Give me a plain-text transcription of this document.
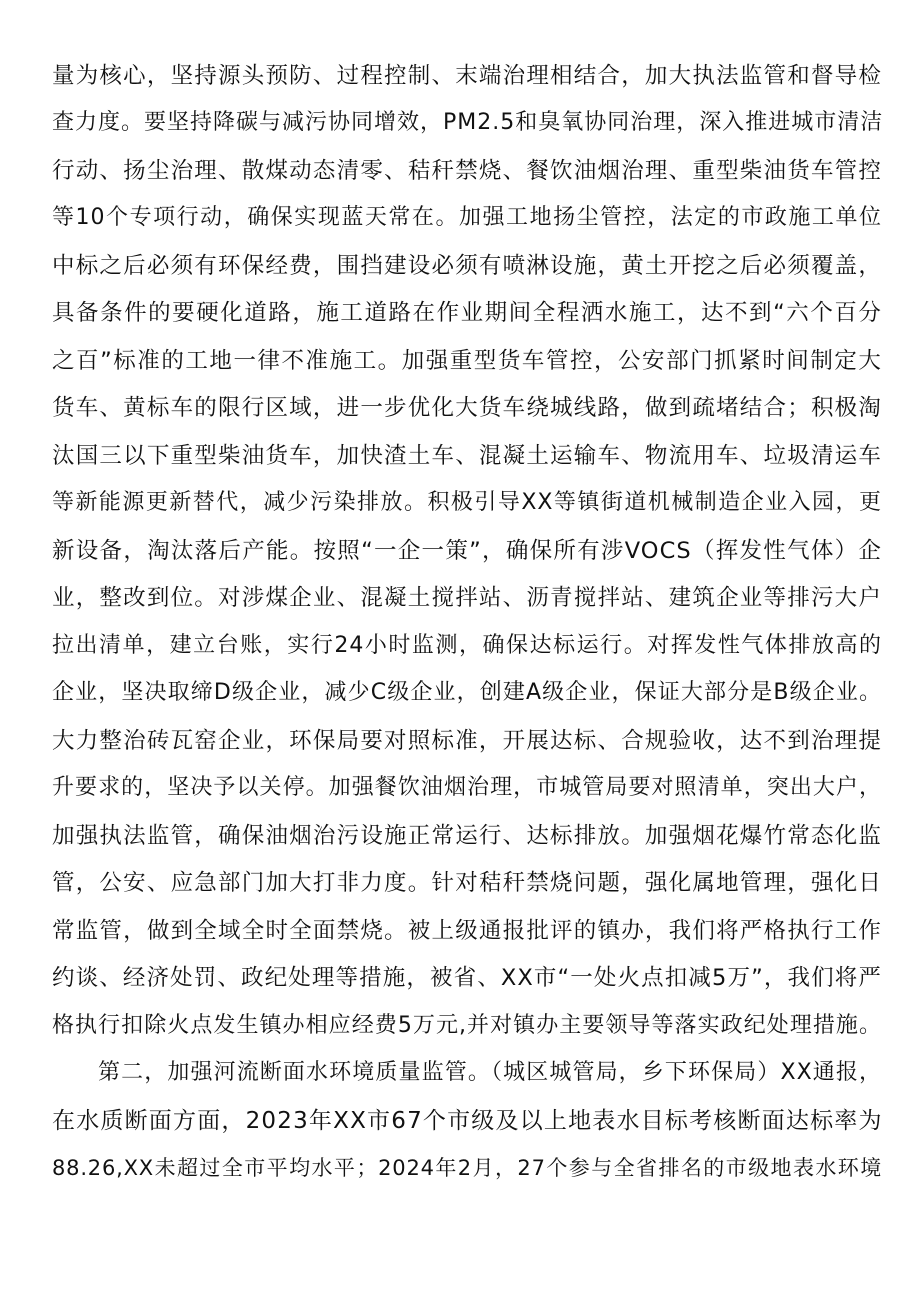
量为核心，坚持源头预防、过程控制、末端治理相结合，加大执法监管和督导检
查力度。要坚持降碳与减污协同增效，PM2.5和臭氧协同治理，深入推进城市清洁
行动、扬尘治理、散煤动态清零、秸秆禁烧、餐饮油烟治理、重型柴油货车管控
等10个专项行动，确保实现蓝天常在。加强工地扬尘管控，法定的市政施工单位
中标之后必须有环保经费，围挡建设必须有喷淋设施，黄土开挖之后必须覆盖，
具备条件的要硬化道路，施工道路在作业期间全程洒水施工，达不到“六个百分
之百”标准的工地一律不准施工。加强重型货车管控，公安部门抓紧时间制定大
货车、黄标车的限行区域，进一步优化大货车绕城线路，做到疏堵结合；积极淘
汰国三以下重型柴油货车，加快渣土车、混凝土运输车、物流用车、垃圾清运车
等新能源更新替代，减少污染排放。积极引导XX等镇街道机械制造企业入园，更
新设备，淘汰落后产能。按照“一企一策”，确保所有涉VOCS（挥发性气体）企
业，整改到位。对涉煤企业、混凝土搅拌站、沥青搅拌站、建筑企业等排污大户
拉出清单，建立台账，实行24小时监测，确保达标运行。对挥发性气体排放高的
企业，坚决取缔D级企业，减少C级企业，创建A级企业，保证大部分是B级企业。
大力整治砖瓦窑企业，环保局要对照标准，开展达标、合规验收，达不到治理提
升要求的，坚决予以关停。加强餐饮油烟治理，市城管局要对照清单，突出大户，
加强执法监管，确保油烟治污设施正常运行、达标排放。加强烟花爆竹常态化监
管，公安、应急部门加大打非力度。针对秸秆禁烧问题，强化属地管理，强化日
常监管，做到全域全时全面禁烧。被上级通报批评的镇办，我们将严格执行工作
约谈、经济处罚、政纪处理等措施，被省、XX市“一处火点扣减5万”，我们将严
格执行扣除火点发生镇办相应经费5万元,并对镇办主要领导等落实政纪处理措施。
第二，加强河流断面水环境质量监管。（城区城管局，乡下环保局）XX通报，
在水质断面方面，2023年XX市67个市级及以上地表水目标考核断面达标率为
88.26,XX未超过全市平均水平；2024年2月，27个参与全省排名的市级地表水环境
